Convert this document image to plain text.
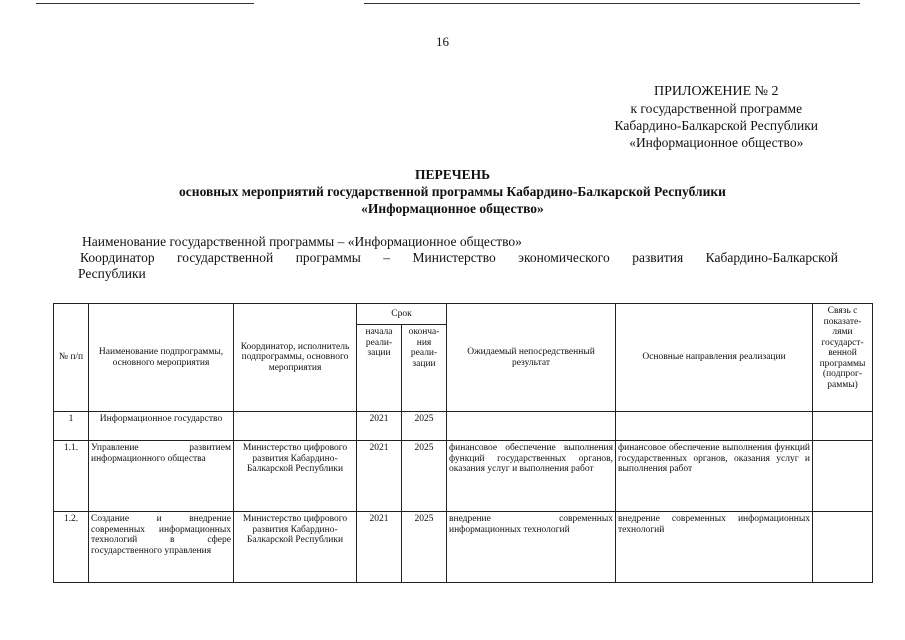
16
ПРИЛОЖЕНИЕ № 2
к государственной программе
Кабардино-Балкарской Республики
«Информационное общество»
ПЕРЕЧЕНЬ
основных мероприятий государственной программы Кабардино-Балкарской Республики
«Информационное общество»
Наименование государственной программы – «Информационное общество»
Координатор государственной программы – Министерство экономического развития Кабардино-Балкарской
Республики
№ п/п	Наименование подпрограммы, основного мероприятия	Координатор, исполнитель подпрограммы, основного мероприятия	Срок		Ожидаемый непосредственный результат	Основные направления реализации	Связь с показате-лями государст-венной программы (подпрог-раммы)
			начала реали-зации	оконча-ния реали-зации			
1	Информационное государство		2021	2025			
1.1.	Управление развитием информационного общества	Министерство цифрового развития Кабардино-Балкарской Республики	2021	2025	финансовое обеспечение выполнения функций государственных органов, оказания услуг и выполнения работ	финансовое обеспечение выполнения функций государственных органов, оказания услуг и выполнения работ	
1.2.	Создание и внедрение современных информационных технологий в сфере государственного управления	Министерство цифрового развития Кабардино-Балкарской Республики	2021	2025	внедрение современных информационных технологий	внедрение современных информационных технологий	
